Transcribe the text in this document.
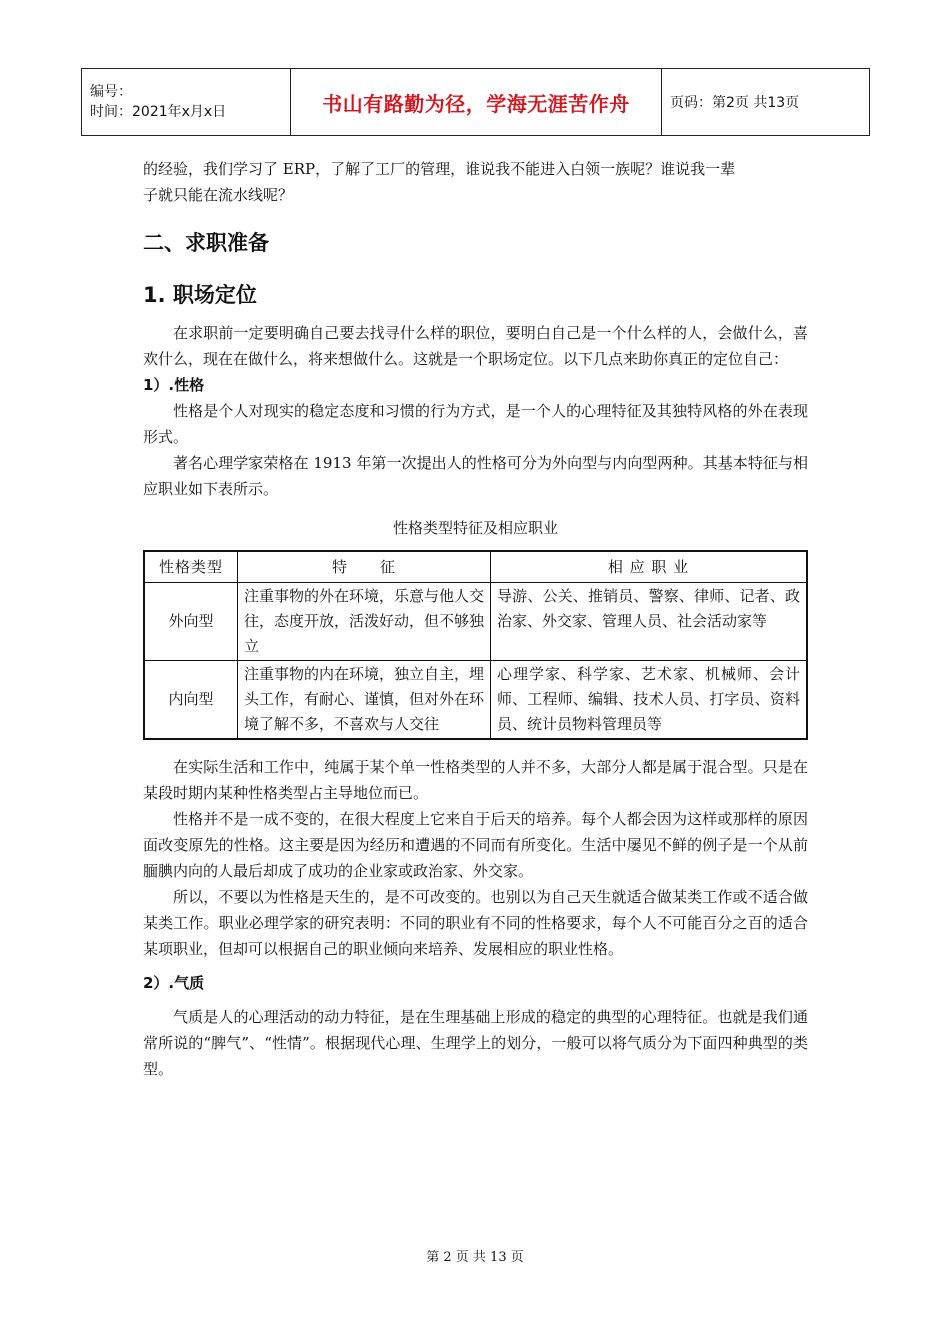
编号：
时间：2021年x月x日	书山有路勤为径，学海无涯苦作舟	页码：第2页 共13页

的经验，我们学习了 ERP，了解了工厂的管理，谁说我不能进入白领一族呢？谁说我一辈

子就只能在流水线呢？

二、求职准备
1. 职场定位

在求职前一定要明确自己要去找寻什么样的职位，要明白自己是一个什么样的人，会做什么，喜欢什么，现在在做什么，将来想做什么。这就是一个职场定位。以下几点来助你真正的定位自己：

1）.性格

性格是个人对现实的稳定态度和习惯的行为方式，是一个人的心理特征及其独特风格的外在表现形式。

著名心理学家荣格在 1913 年第一次提出人的性格可分为外向型与内向型两种。其基本特征与相应职业如下表所示。

性格类型特征及相应职业
性格类型	特　　征	相 应 职 业
外向型	注重事物的外在环境，乐意与他人交往，态度开放，活泼好动，但不够独立	导游、公关、推销员、警察、律师、记者、政治家、外交家、管理人员、社会活动家等
内向型	注重事物的内在环境，独立自主，埋头工作，有耐心、谨慎，但对外在环境了解不多，不喜欢与人交往	心理学家、科学家、艺术家、机械师、会计师、工程师、编辑、技术人员、打字员、资料员、统计员物料管理员等

在实际生活和工作中，纯属于某个单一性格类型的人并不多，大部分人都是属于混合型。只是在某段时期内某种性格类型占主导地位而已。

性格并不是一成不变的，在很大程度上它来自于后天的培养。每个人都会因为这样或那样的原因面改变原先的性格。这主要是因为经历和遭遇的不同而有所变化。生活中屡见不鲜的例子是一个从前腼腆内向的人最后却成了成功的企业家或政治家、外交家。

所以，不要以为性格是天生的，是不可改变的。也别以为自己天生就适合做某类工作或不适合做某类工作。职业必理学家的研究表明：不同的职业有不同的性格要求，每个人不可能百分之百的适合某项职业，但却可以根据自己的职业倾向来培养、发展相应的职业性格。

2）.气质

气质是人的心理活动的动力特征，是在生理基础上形成的稳定的典型的心理特征。也就是我们通常所说的“脾气”、“性情”。根据现代心理、生理学上的划分，一般可以将气质分为下面四种典型的类型。

第 2 页 共 13 页
